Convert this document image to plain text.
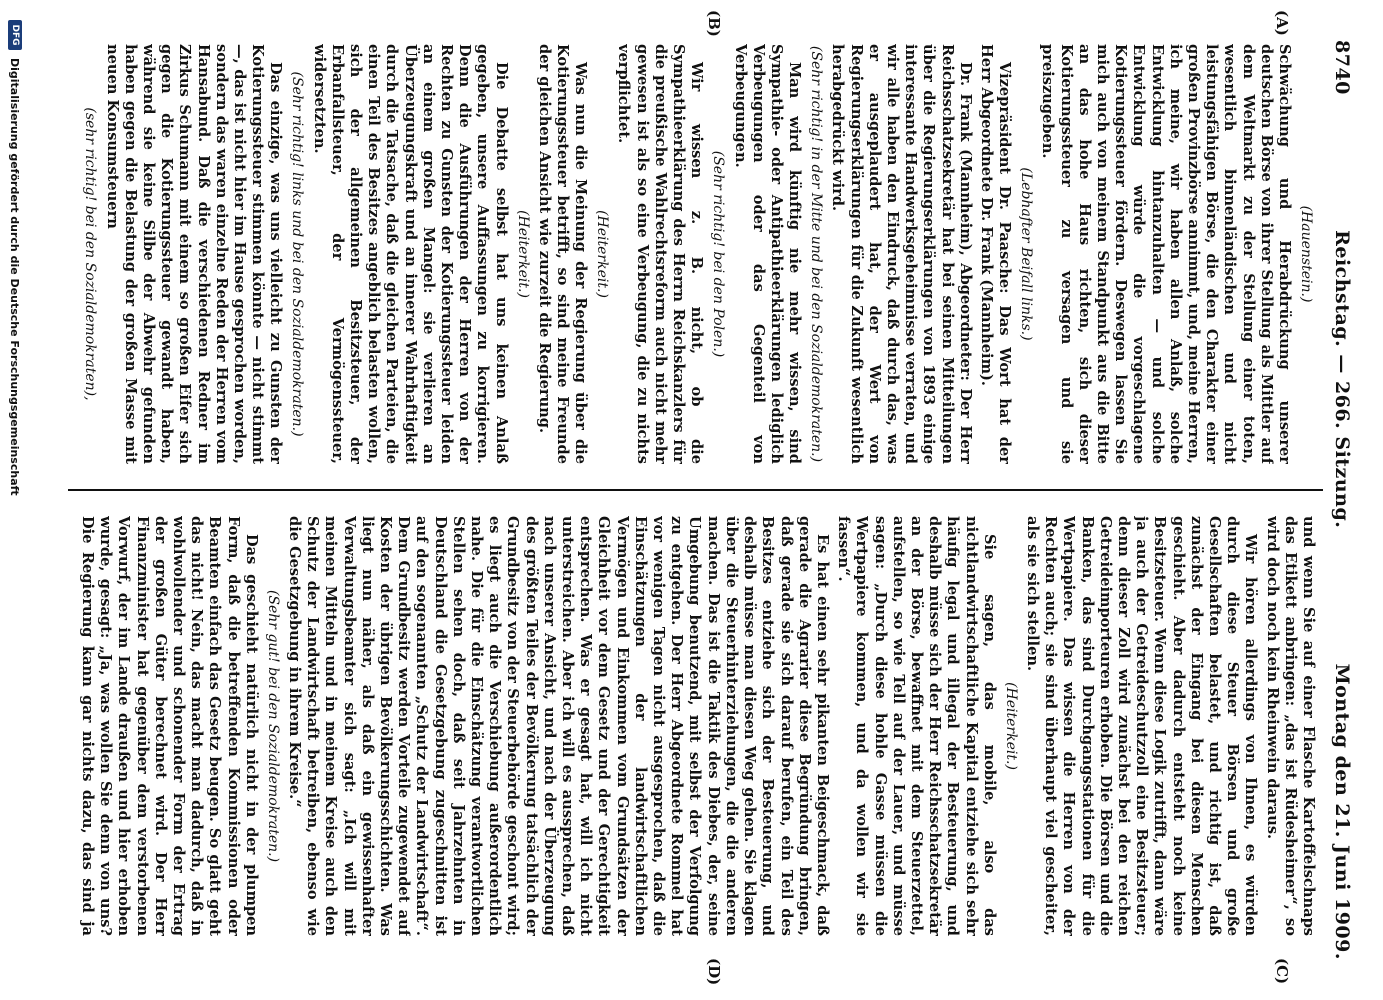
8740
Reichstag. — 266. Sitzung.
Montag den 21. Juni 1909.
(A)
(B)
(C)
(D)

(Hauenstein.)

Schwächung und Herabdrückung unserer deutschen Börse von ihrer Stellung als Mittler auf dem Weltmarkt zu der Stellung einer toten, wesentlich binnenländischen und nicht leistungsfähigen Börse, die den Charakter einer großen Provinzbörse annimmt, und, meine Herren, ich meine, wir haben allen Anlaß, solche Entwicklung hintanzuhalten — und solche Entwicklung würde die vorgeschlagene Kotierungssteuer fördern. Deswegen lassen Sie mich auch von meinem Standpunkt aus die Bitte an das hohe Haus richten, sich dieser Kotierungssteuer zu versagen und sie preiszugeben.

(Lebhafter Beifall links.)

Vizepräsident Dr. Paasche: Das Wort hat der Herr Abgeordnete Dr. Frank (Mannheim).

Dr. Frank (Mannheim), Abgeordneter: Der Herr Reichsschatzsekretär hat bei seinen Mitteilungen über die Regierungserklärungen von 1893 einige interessante Handwerksgeheimnisse verraten, und wir alle haben den Eindruck, daß durch das, was er ausgeplaudert hat, der Wert von Regierungserklärungen für die Zukunft wesentlich herabgedrückt wird.

(Sehr richtig! in der Mitte und bei den Sozialdemokraten.)

Man wird künftig nie mehr wissen, sind Sympathie- oder Antipathieerklärungen lediglich Verbeugungen oder das Gegenteil von Verbeugungen.

(Sehr richtig! bei den Polen.)

Wir wissen z. B. nicht, ob die Sympathieerklärung des Herrn Reichskanzlers für die preußische Wahlrechtsreform auch nicht mehr gewesen ist als so eine Verbeugung, die zu nichts verpflichtet.

(Heiterkeit.)

Was nun die Meinung der Regierung über die Kotierungssteuer betrifft, so sind meine Freunde der gleichen Ansicht wie zurzeit die Regierung.

(Heiterkeit.)

Die Debatte selbst hat uns keinen Anlaß gegeben, unsere Auffassungen zu korrigieren. Denn die Ausführungen der Herren von der Rechten zu Gunsten der Kotierungssteuer leiden an einem großen Mangel: sie verlieren an Überzeugungskraft und an innerer Wahrhaftigkeit durch die Tatsache, daß die gleichen Parteien, die einen Teil des Besitzes angeblich belasten wollen, sich der allgemeinen Besitzsteuer, der Erbanfallsteuer, der Vermögenssteuer, widersetzten.

(Sehr richtig! links und bei den Sozialdemokraten.)

Das einzige, was uns vielleicht zu Gunsten der Kotierungssteuer stimmen könnte — nicht stimmt —, das ist nicht hier im Hause gesprochen worden, sondern das waren einzelne Reden der Herren vom Hansabund. Daß die verschiedenen Redner im Zirkus Schumann mit einem so großen Eifer sich gegen die Kotierungssteuer gewandt haben, während sie keine Silbe der Abwehr gefunden haben gegen die Belastung der großen Masse mit neuen Konsumsteuern

(sehr richtig! bei den Sozialdemokraten),

und wenn Sie auf einer Flasche Kartoffelschnaps das Etikett anbringen: „das ist Rüdesheimer“, so wird doch noch kein Rheinwein daraus.

Wir hören allerdings von Ihnen, es würden durch diese Steuer Börsen und große Gesellschaften belastet, und richtig ist, daß zunächst der Eingang bei diesen Menschen geschieht. Aber dadurch entsteht noch keine Besitzsteuer. Wenn diese Logik zutrifft, dann wäre ja auch der Getreideschutzzoll eine Besitzsteuer; denn dieser Zoll wird zunächst bei den reichen Getreideimporteuren erhoben. Die Börsen und die Banken, das sind Durchgangsstationen für die Wertpapiere. Das wissen die Herren von der Rechten auch; sie sind überhaupt viel gescheiter, als sie sich stellen.

(Heiterkeit.)

Sie sagen, das mobile, also das nichtlandwirtschaftliche Kapital entziehe sich sehr häufig legal und illegal der Besteuerung, und deshalb müsse sich der Herr Reichsschatzsekretär an der Börse, bewaffnet mit dem Steuerzettel, aufstellen, so wie Tell auf der Lauer, und müsse sagen: „Durch diese hohle Gasse müssen die Wertpapiere kommen, und da wollen wir sie fassen“.

Es hat einen sehr pikanten Beigeschmack, daß gerade die Agrarier diese Begründung bringen, daß gerade sie sich darauf berufen, ein Teil des Besitzes entziehe sich der Besteuerung, und deshalb müsse man diesen Weg gehen. Sie klagen über die Steuerhinterziehungen, die die anderen machen. Das ist die Taktik des Diebes, der, seine Umgebung benutzend, mit selbst der Verfolgung zu entgehen. Der Herr Abgeordnete Rommel hat vor wenigen Tagen nicht ausgesprochen, daß die Einschätzungen der landwirtschaftlichen Vermögen und Einkommen vom Grundsätzen der Gleichheit vor dem Gesetz und der Gerechtigkeit entsprechen. Was er gesagt hat, will ich nicht unterstreichen. Aber ich will es aussprechen, daß nach unserer Ansicht, und nach der Überzeugung des größten Teiles der Bevölkerung tatsächlich der Grundbesitz von der Steuerbehörde geschont wird; es liegt auch die Verschiebung außerordentlich nahe. Die für die Einschätzung verantwortlichen Stellen sehen doch, daß seit Jahrzehnten in Deutschland die Gesetzgebung zugeschnitten ist auf den sogenannten „Schutz der Landwirtschaft“. Dem Grundbesitz werden Vorteile zugewendet auf Kosten der übrigen Bevölkerungsschichten. Was liegt nun näher, als daß ein gewissenhafter Verwaltungsbeamter sich sagt: „Ich will mit meinen Mitteln und in meinem Kreise auch den Schutz der Landwirtschaft betreiben, ebenso wie die Gesetzgebung in ihrem Kreise.“

(Sehr gut! bei den Sozialdemokraten.)

Das geschieht natürlich nicht in der plumpen Form, daß die betreffenden Kommissionen oder Beamten einfach das Gesetz beugen. So glatt geht das nicht! Nein, das macht man dadurch, daß in wohlwollender und schonender Form der Ertrag der großen Güter berechnet wird. Der Herr Finanzminister hat gegenüber dem verstorbenen Vorwurf, der im Lande draußen und hier erhoben wurde, gesagt: „Ja, was wollen Sie denn von uns? Die Regierung kann gar nichts dazu, das sind ja

DFG
Digitalisierung gefördert durch die Deutsche Forschungsgemeinschaft
